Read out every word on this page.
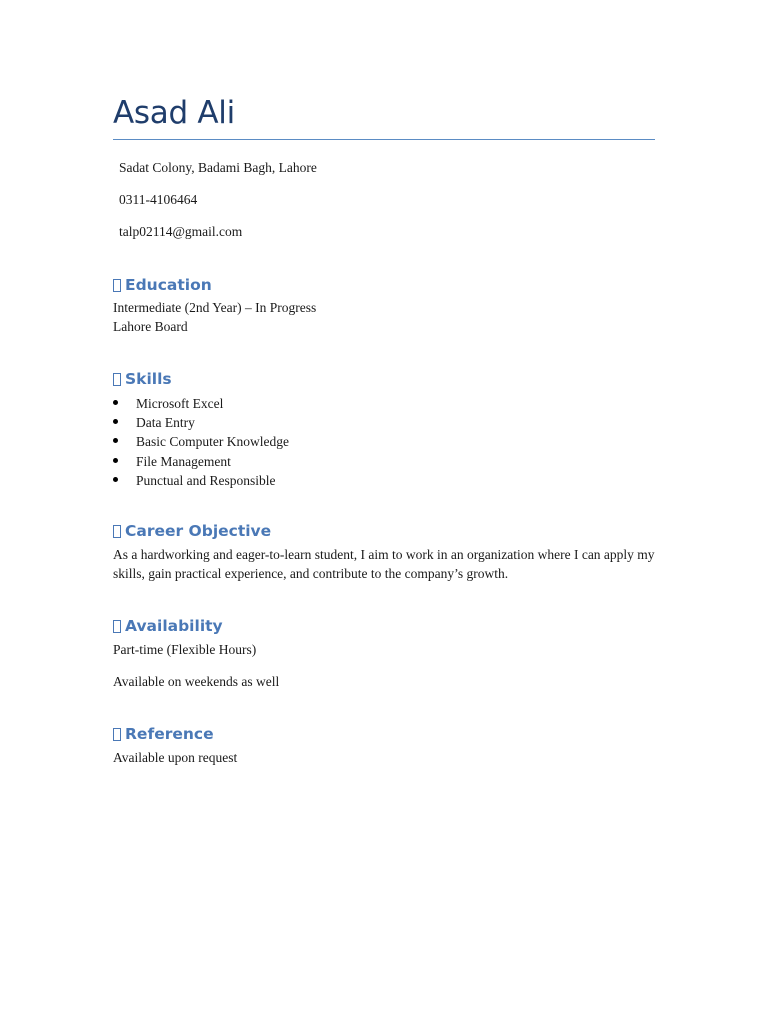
Asad Ali
Sadat Colony, Badami Bagh, Lahore
0311-4106464
talp02114@gmail.com
Education
Intermediate (2nd Year) – In Progress
Lahore Board
Skills
Microsoft Excel
Data Entry
Basic Computer Knowledge
File Management
Punctual and Responsible
Career Objective
As a hardworking and eager-to-learn student, I aim to work in an organization where I can apply my skills, gain practical experience, and contribute to the company’s growth.
Availability
Part-time (Flexible Hours)
Available on weekends as well
Reference
Available upon request
